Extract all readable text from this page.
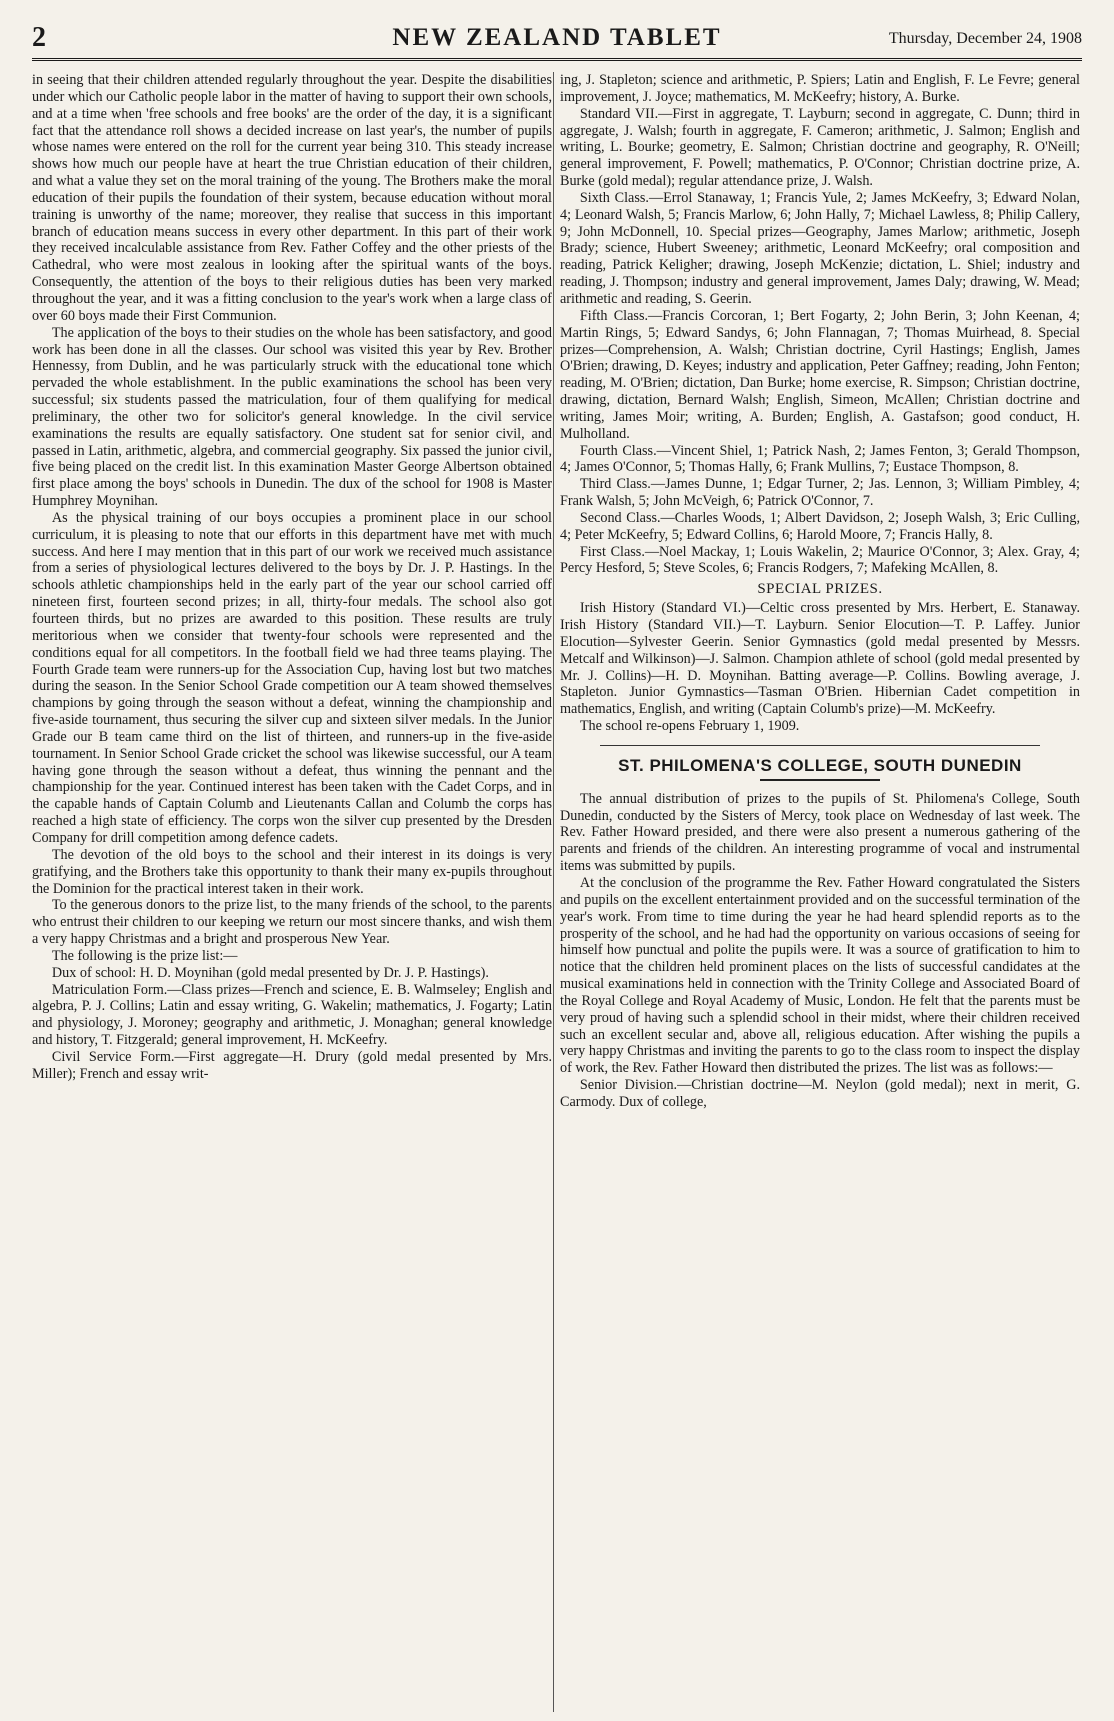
2	NEW ZEALAND TABLET	Thursday, December 24, 1908

in seeing that their children attended regularly throughout the year. Despite the disabilities under which our Catholic people labor in the matter of having to support their own schools, and at a time when 'free schools and free books' are the order of the day, it is a significant fact that the attendance roll shows a decided increase on last year's, the number of pupils whose names were entered on the roll for the current year being 310. This steady increase shows how much our people have at heart the true Christian education of their children, and what a value they set on the moral training of the young. The Brothers make the moral education of their pupils the foundation of their system, because education without moral training is unworthy of the name; moreover, they realise that success in this important branch of education means success in every other department. In this part of their work they received incalculable assistance from Rev. Father Coffey and the other priests of the Cathedral, who were most zealous in looking after the spiritual wants of the boys. Consequently, the attention of the boys to their religious duties has been very marked throughout the year, and it was a fitting conclusion to the year's work when a large class of over 60 boys made their First Communion.

The application of the boys to their studies on the whole has been satisfactory, and good work has been done in all the classes. Our school was visited this year by Rev. Brother Hennessy, from Dublin, and he was particularly struck with the educational tone which pervaded the whole establishment. In the public examinations the school has been very successful; six students passed the matriculation, four of them qualifying for medical preliminary, the other two for solicitor's general knowledge. In the civil service examinations the results are equally satisfactory. One student sat for senior civil, and passed in Latin, arithmetic, algebra, and commercial geography. Six passed the junior civil, five being placed on the credit list. In this examination Master George Albertson obtained first place among the boys' schools in Dunedin. The dux of the school for 1908 is Master Humphrey Moynihan.

As the physical training of our boys occupies a prominent place in our school curriculum, it is pleasing to note that our efforts in this department have met with much success. And here I may mention that in this part of our work we received much assistance from a series of physiological lectures delivered to the boys by Dr. J. P. Hastings. In the schools athletic championships held in the early part of the year our school carried off nineteen first, fourteen second prizes; in all, thirty-four medals. The school also got fourteen thirds, but no prizes are awarded to this position. These results are truly meritorious when we consider that twenty-four schools were represented and the conditions equal for all competitors. In the football field we had three teams playing. The Fourth Grade team were runners-up for the Association Cup, having lost but two matches during the season. In the Senior School Grade competition our A team showed themselves champions by going through the season without a defeat, winning the championship and five-aside tournament, thus securing the silver cup and sixteen silver medals. In the Junior Grade our B team came third on the list of thirteen, and runners-up in the five-aside tournament. In Senior School Grade cricket the school was likewise successful, our A team having gone through the season without a defeat, thus winning the pennant and the championship for the year. Continued interest has been taken with the Cadet Corps, and in the capable hands of Captain Columb and Lieutenants Callan and Columb the corps has reached a high state of efficiency. The corps won the silver cup presented by the Dresden Company for drill competition among defence cadets.

The devotion of the old boys to the school and their interest in its doings is very gratifying, and the Brothers take this opportunity to thank their many ex-pupils throughout the Dominion for the practical interest taken in their work.

To the generous donors to the prize list, to the many friends of the school, to the parents who entrust their children to our keeping we return our most sincere thanks, and wish them a very happy Christmas and a bright and prosperous New Year.

The following is the prize list:—

Dux of school: H. D. Moynihan (gold medal presented by Dr. J. P. Hastings).

Matriculation Form.—Class prizes—French and science, E. B. Walmseley; English and algebra, P. J. Collins; Latin and essay writing, G. Wakelin; mathematics, J. Fogarty; Latin and physiology, J. Moroney; geography and arithmetic, J. Monaghan; general knowledge and history, T. Fitzgerald; general improvement, H. McKeefry.

Civil Service Form.—First aggregate—H. Drury (gold medal presented by Mrs. Miller); French and essay writ-

ing, J. Stapleton; science and arithmetic, P. Spiers; Latin and English, F. Le Fevre; general improvement, J. Joyce; mathematics, M. McKeefry; history, A. Burke.

Standard VII.—First in aggregate, T. Layburn; second in aggregate, C. Dunn; third in aggregate, J. Walsh; fourth in aggregate, F. Cameron; arithmetic, J. Salmon; English and writing, L. Bourke; geometry, E. Salmon; Christian doctrine and geography, R. O'Neill; general improvement, F. Powell; mathematics, P. O'Connor; Christian doctrine prize, A. Burke (gold medal); regular attendance prize, J. Walsh.

Sixth Class.—Errol Stanaway, 1; Francis Yule, 2; James McKeefry, 3; Edward Nolan, 4; Leonard Walsh, 5; Francis Marlow, 6; John Hally, 7; Michael Lawless, 8; Philip Callery, 9; John McDonnell, 10. Special prizes—Geography, James Marlow; arithmetic, Joseph Brady; science, Hubert Sweeney; arithmetic, Leonard McKeefry; oral composition and reading, Patrick Keligher; drawing, Joseph McKenzie; dictation, L. Shiel; industry and reading, J. Thompson; industry and general improvement, James Daly; drawing, W. Mead; arithmetic and reading, S. Geerin.

Fifth Class.—Francis Corcoran, 1; Bert Fogarty, 2; John Berin, 3; John Keenan, 4; Martin Rings, 5; Edward Sandys, 6; John Flannagan, 7; Thomas Muirhead, 8. Special prizes—Comprehension, A. Walsh; Christian doctrine, Cyril Hastings; English, James O'Brien; drawing, D. Keyes; industry and application, Peter Gaffney; reading, John Fenton; reading, M. O'Brien; dictation, Dan Burke; home exercise, R. Simpson; Christian doctrine, drawing, dictation, Bernard Walsh; English, Simeon, McAllen; Christian doctrine and writing, James Moir; writing, A. Burden; English, A. Gastafson; good conduct, H. Mulholland.

Fourth Class.—Vincent Shiel, 1; Patrick Nash, 2; James Fenton, 3; Gerald Thompson, 4; James O'Connor, 5; Thomas Hally, 6; Frank Mullins, 7; Eustace Thompson, 8.

Third Class.—James Dunne, 1; Edgar Turner, 2; Jas. Lennon, 3; William Pimbley, 4; Frank Walsh, 5; John McVeigh, 6; Patrick O'Connor, 7.

Second Class.—Charles Woods, 1; Albert Davidson, 2; Joseph Walsh, 3; Eric Culling, 4; Peter McKeefry, 5; Edward Collins, 6; Harold Moore, 7; Francis Hally, 8.

First Class.—Noel Mackay, 1; Louis Wakelin, 2; Maurice O'Connor, 3; Alex. Gray, 4; Percy Hesford, 5; Steve Scoles, 6; Francis Rodgers, 7; Mafeking McAllen, 8.

SPECIAL PRIZES.

Irish History (Standard VI.)—Celtic cross presented by Mrs. Herbert, E. Stanaway. Irish History (Standard VII.)—T. Layburn. Senior Elocution—T. P. Laffey. Junior Elocution—Sylvester Geerin. Senior Gymnastics (gold medal presented by Messrs. Metcalf and Wilkinson)—J. Salmon. Champion athlete of school (gold medal presented by Mr. J. Collins)—H. D. Moynihan. Batting average—P. Collins. Bowling average, J. Stapleton. Junior Gymnastics—Tasman O'Brien. Hibernian Cadet competition in mathematics, English, and writing (Captain Columb's prize)—M. McKeefry.

The school re-opens February 1, 1909.

ST. PHILOMENA'S COLLEGE, SOUTH DUNEDIN

The annual distribution of prizes to the pupils of St. Philomena's College, South Dunedin, conducted by the Sisters of Mercy, took place on Wednesday of last week. The Rev. Father Howard presided, and there were also present a numerous gathering of the parents and friends of the children. An interesting programme of vocal and instrumental items was submitted by pupils.

At the conclusion of the programme the Rev. Father Howard congratulated the Sisters and pupils on the excellent entertainment provided and on the successful termination of the year's work. From time to time during the year he had heard splendid reports as to the prosperity of the school, and he had had the opportunity on various occasions of seeing for himself how punctual and polite the pupils were. It was a source of gratification to him to notice that the children held prominent places on the lists of successful candidates at the musical examinations held in connection with the Trinity College and Associated Board of the Royal College and Royal Academy of Music, London. He felt that the parents must be very proud of having such a splendid school in their midst, where their children received such an excellent secular and, above all, religious education. After wishing the pupils a very happy Christmas and inviting the parents to go to the class room to inspect the display of work, the Rev. Father Howard then distributed the prizes. The list was as follows:—

Senior Division.—Christian doctrine—M. Neylon (gold medal); next in merit, G. Carmody. Dux of college,
